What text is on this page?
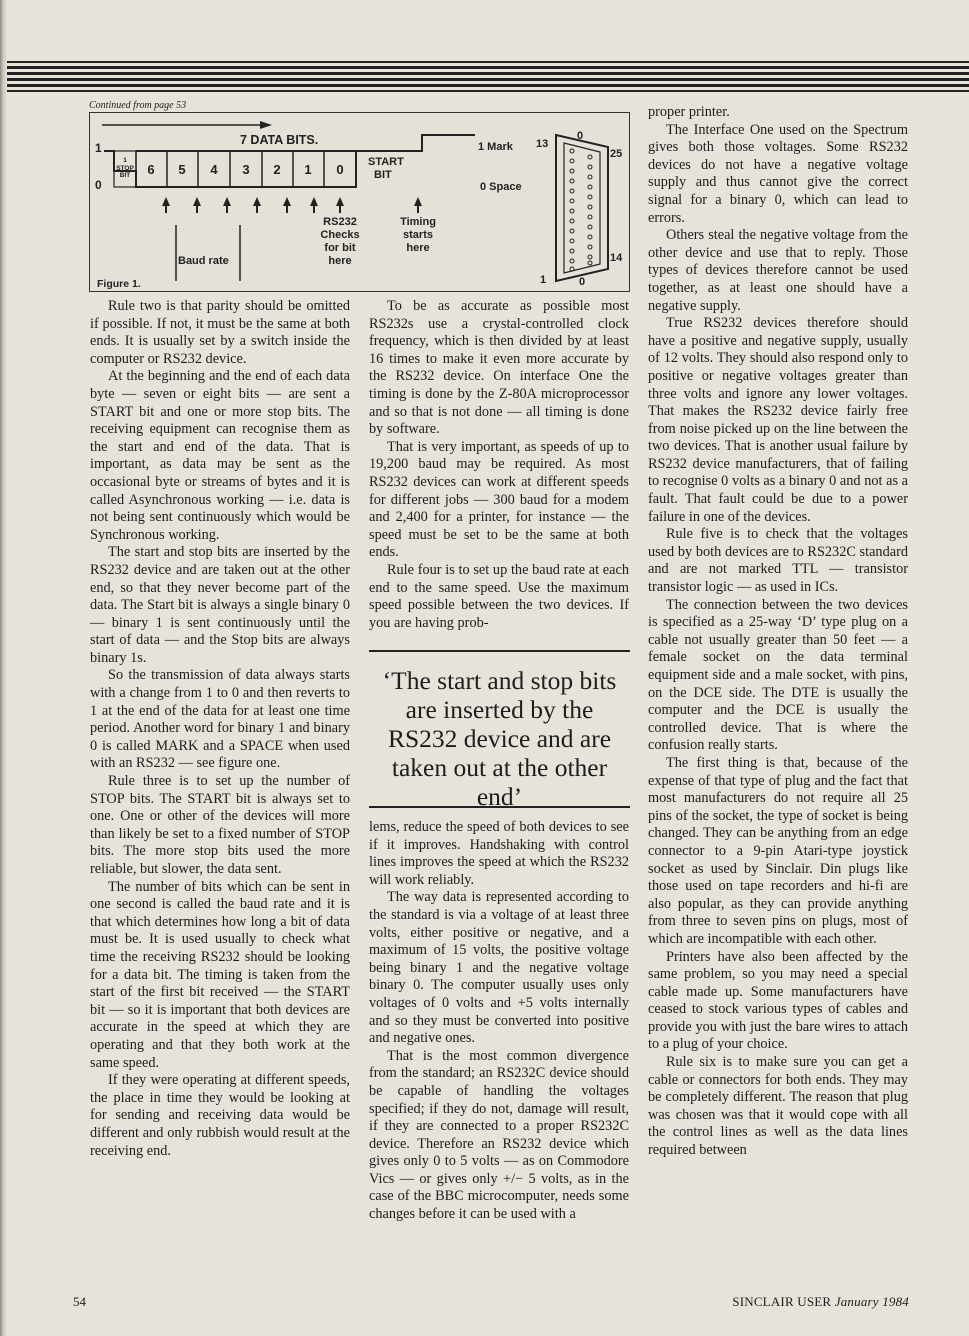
Continued from page 53
7 DATA BITS.
6 5 4 3 2 1 0
1
STOP
BIT
1
0
START
BIT
1 Mark
0 Space
Baud rate
RS232
Checks
for bit
here
Timing
starts
here
13
0
25
14
1	0
Figure 1.

Rule two is that parity should be omitted if possible. If not, it must be the same at both ends. It is usually set by a switch inside the computer or RS232 device.

At the beginning and the end of each data byte — seven or eight bits — are sent a START bit and one or more stop bits. The receiving equipment can recognise them as the start and end of the data. That is important, as data may be sent as the occasional byte or streams of bytes and it is called Asynchronous working — i.e. data is not being sent continuously which would be Synchronous working.

The start and stop bits are inserted by the RS232 device and are taken out at the other end, so that they never become part of the data. The Start bit is always a single binary 0 — binary 1 is sent continuously until the start of data — and the Stop bits are always binary 1s.

So the transmission of data always starts with a change from 1 to 0 and then reverts to 1 at the end of the data for at least one time period. Another word for binary 1 and binary 0 is called MARK and a SPACE when used with an RS232 — see figure one.

Rule three is to set up the number of STOP bits. The START bit is always set to one. One or other of the devices will more than likely be set to a fixed number of STOP bits. The more stop bits used the more reliable, but slower, the data sent.

The number of bits which can be sent in one second is called the baud rate and it is that which determines how long a bit of data must be. It is used usually to check what time the receiving RS232 should be looking for a data bit. The timing is taken from the start of the first bit received — the START bit — so it is important that both devices are accurate in the speed at which they are operating and that they both work at the same speed.

If they were operating at different speeds, the place in time they would be looking at for sending and receiving data would be different and only rubbish would result at the receiving end.

To be as accurate as possible most RS232s use a crystal-controlled clock frequency, which is then divided by at least 16 times to make it even more accurate by the RS232 device. On interface One the timing is done by the Z-80A microprocessor and so that is not done — all timing is done by software.

That is very important, as speeds of up to 19,200 baud may be required. As most RS232 devices can work at different speeds for different jobs — 300 baud for a modem and 2,400 for a printer, for instance — the speed must be set to be the same at both ends.

Rule four is to set up the baud rate at each end to the same speed. Use the maximum speed possible between the two devices. If you are having prob-

‘The start and stop bits are inserted by the RS232 device and are taken out at the other end’

lems, reduce the speed of both devices to see if it improves. Handshaking with control lines improves the speed at which the RS232 will work reliably.

The way data is represented according to the standard is via a voltage of at least three volts, either positive or negative, and a maximum of 15 volts, the positive voltage being binary 1 and the negative voltage binary 0. The computer usually uses only voltages of 0 volts and +5 volts internally and so they must be converted into positive and negative ones.

That is the most common divergence from the standard; an RS232C device should be capable of handling the voltages specified; if they do not, damage will result, if they are connected to a proper RS232C device. Therefore an RS232 device which gives only 0 to 5 volts — as on Commodore Vics — or gives only +/− 5 volts, as in the case of the BBC microcomputer, needs some changes before it can be used with a

proper printer.

The Interface One used on the Spectrum gives both those voltages. Some RS232 devices do not have a negative voltage supply and thus cannot give the correct signal for a binary 0, which can lead to errors.

Others steal the negative voltage from the other device and use that to reply. Those types of devices therefore cannot be used together, as at least one should have a negative supply.

True RS232 devices therefore should have a positive and negative supply, usually of 12 volts. They should also respond only to positive or negative voltages greater than three volts and ignore any lower voltages. That makes the RS232 device fairly free from noise picked up on the line between the two devices. That is another usual failure by RS232 device manufacturers, that of failing to recognise 0 volts as a binary 0 and not as a fault. That fault could be due to a power failure in one of the devices.

Rule five is to check that the voltages used by both devices are to RS232C standard and are not marked TTL — transistor transistor logic — as used in ICs.

The connection between the two devices is specified as a 25-way ‘D’ type plug on a cable not usually greater than 50 feet — a female socket on the data terminal equipment side and a male socket, with pins, on the DCE side. The DTE is usually the computer and the DCE is usually the controlled device. That is where the confusion really starts.

The first thing is that, because of the expense of that type of plug and the fact that most manufacturers do not require all 25 pins of the socket, the type of socket is being changed. They can be anything from an edge connector to a 9-pin Atari-type joystick socket as used by Sinclair. Din plugs like those used on tape recorders and hi-fi are also popular, as they can provide anything from three to seven pins on plugs, most of which are incompatible with each other.

Printers have also been affected by the same problem, so you may need a special cable made up. Some manufacturers have ceased to stock various types of cables and provide you with just the bare wires to attach to a plug of your choice.

Rule six is to make sure you can get a cable or connectors for both ends. They may be completely different. The reason that plug was chosen was that it would cope with all the control lines as well as the data lines required between

54	SINCLAIR USER January 1984
